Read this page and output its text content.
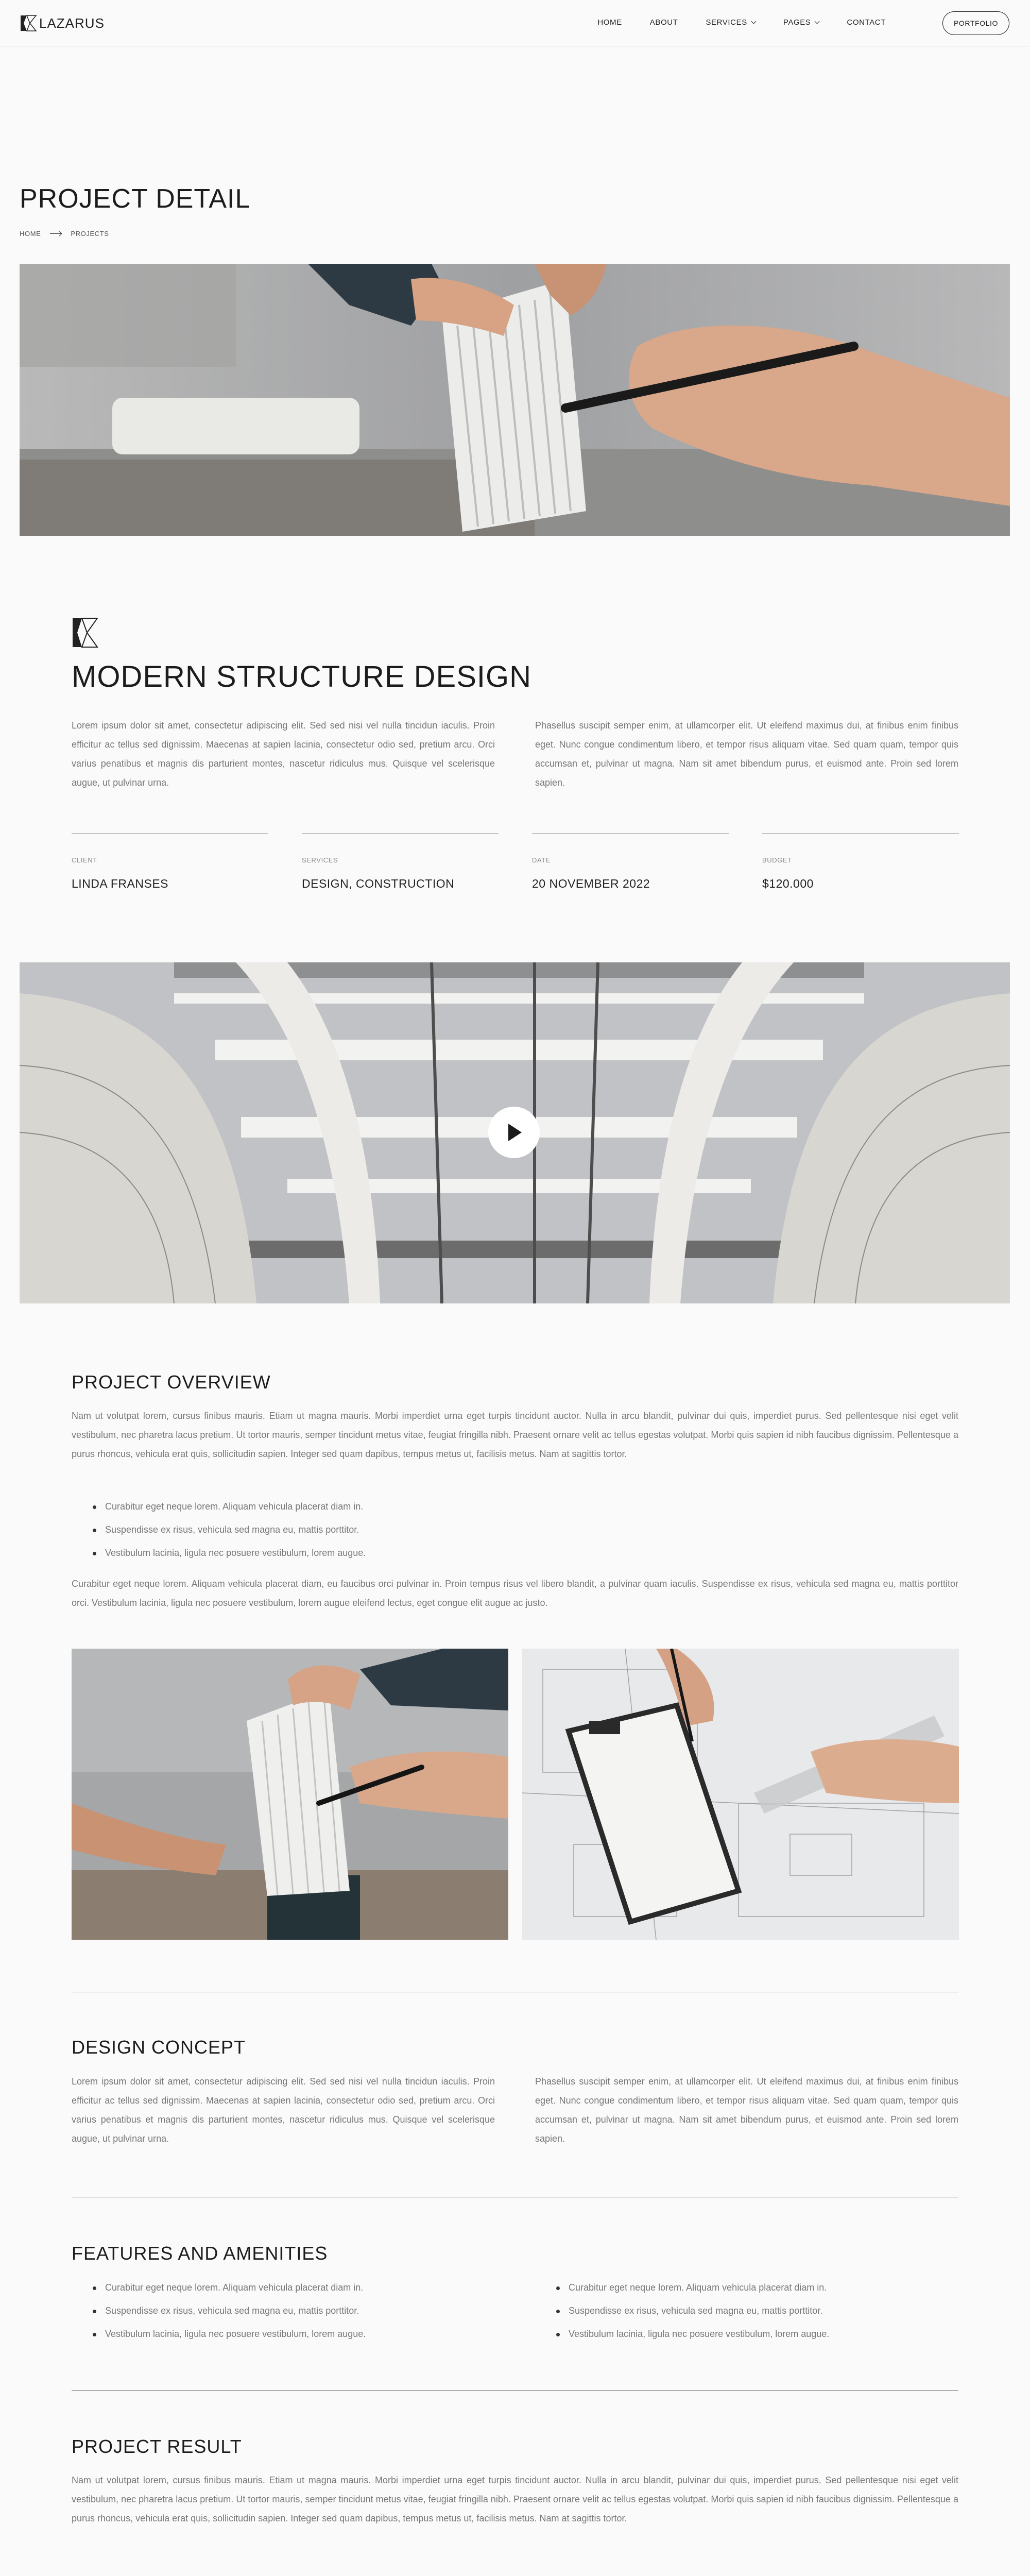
LAZARUS	HOME	ABOUT	SERVICES	PAGES	CONTACT	PORTFOLIO
PROJECT DETAIL
HOME	PROJECTS
MODERN STRUCTURE DESIGN
Lorem ipsum dolor sit amet, consectetur adipiscing elit. Sed sed nisi vel nulla tincidun iaculis. Proin efficitur ac tellus sed dignissim. Maecenas at sapien lacinia, consectetur odio sed, pretium arcu. Orci varius penatibus et magnis dis parturient montes, nascetur ridiculus mus. Quisque vel scelerisque augue, ut pulvinar urna.
Phasellus suscipit semper enim, at ullamcorper elit. Ut eleifend maximus dui, at finibus enim finibus eget. Nunc congue condimentum libero, et tempor risus aliquam vitae. Sed quam quam, tempor quis accumsan et, pulvinar ut magna. Nam sit amet bibendum purus, et euismod ante. Proin sed lorem sapien.
CLIENT	SERVICES	DATE	BUDGET
LINDA FRANSES	DESIGN, CONSTRUCTION	20 NOVEMBER 2022	$120.000
PROJECT OVERVIEW
Nam ut volutpat lorem, cursus finibus mauris. Etiam ut magna mauris. Morbi imperdiet urna eget turpis tincidunt auctor. Nulla in arcu blandit, pulvinar dui quis, imperdiet purus. Sed pellentesque nisi eget velit vestibulum, nec pharetra lacus pretium. Ut tortor mauris, semper tincidunt metus vitae, feugiat fringilla nibh. Praesent ornare velit ac tellus egestas volutpat. Morbi quis sapien id nibh faucibus dignissim. Pellentesque a purus rhoncus, vehicula erat quis, sollicitudin sapien. Integer sed quam dapibus, tempus metus ut, facilisis metus. Nam at sagittis tortor.
Curabitur eget neque lorem. Aliquam vehicula placerat diam in.
Suspendisse ex risus, vehicula sed magna eu, mattis porttitor.
Vestibulum lacinia, ligula nec posuere vestibulum, lorem augue.
Curabitur eget neque lorem. Aliquam vehicula placerat diam, eu faucibus orci pulvinar in. Proin tempus risus vel libero blandit, a pulvinar quam iaculis. Suspendisse ex risus, vehicula sed magna eu, mattis porttitor orci. Vestibulum lacinia, ligula nec posuere vestibulum, lorem augue eleifend lectus, eget congue elit augue ac justo.
DESIGN CONCEPT
Lorem ipsum dolor sit amet, consectetur adipiscing elit. Sed sed nisi vel nulla tincidun iaculis. Proin efficitur ac tellus sed dignissim. Maecenas at sapien lacinia, consectetur odio sed, pretium arcu. Orci varius penatibus et magnis dis parturient montes, nascetur ridiculus mus. Quisque vel scelerisque augue, ut pulvinar urna.
Phasellus suscipit semper enim, at ullamcorper elit. Ut eleifend maximus dui, at finibus enim finibus eget. Nunc congue condimentum libero, et tempor risus aliquam vitae. Sed quam quam, tempor quis accumsan et, pulvinar ut magna. Nam sit amet bibendum purus, et euismod ante. Proin sed lorem sapien.
FEATURES AND AMENITIES
Curabitur eget neque lorem. Aliquam vehicula placerat diam in.
Suspendisse ex risus, vehicula sed magna eu, mattis porttitor.
Vestibulum lacinia, ligula nec posuere vestibulum, lorem augue.
Curabitur eget neque lorem. Aliquam vehicula placerat diam in.
Suspendisse ex risus, vehicula sed magna eu, mattis porttitor.
Vestibulum lacinia, ligula nec posuere vestibulum, lorem augue.
PROJECT RESULT
Nam ut volutpat lorem, cursus finibus mauris. Etiam ut magna mauris. Morbi imperdiet urna eget turpis tincidunt auctor. Nulla in arcu blandit, pulvinar dui quis, imperdiet purus. Sed pellentesque nisi eget velit vestibulum, nec pharetra lacus pretium. Ut tortor mauris, semper tincidunt metus vitae, feugiat fringilla nibh. Praesent ornare velit ac tellus egestas volutpat. Morbi quis sapien id nibh faucibus dignissim. Pellentesque a purus rhoncus, vehicula erat quis, sollicitudin sapien. Integer sed quam dapibus, tempus metus ut, facilisis metus. Nam at sagittis tortor.
